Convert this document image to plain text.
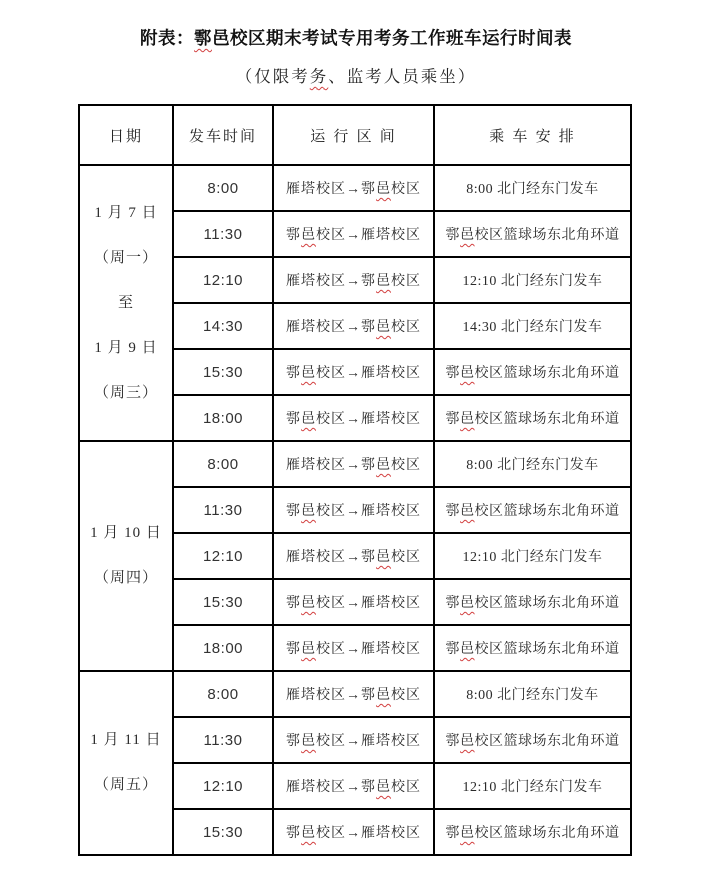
附表：鄠邑校区期末考试专用考务工作班车运行时间表
（仅限考务、监考人员乘坐）
日期	发车时间	运 行 区 间	乘 车 安 排

1 月 7 日
（周一）
至
1 月 9 日
（周三）	8:00	雁塔校区→鄠邑校区	8:00 北门经东门发车
	11:30	鄠邑校区→雁塔校区	鄠邑校区篮球场东北角环道
	12:10	雁塔校区→鄠邑校区	12:10 北门经东门发车
	14:30	雁塔校区→鄠邑校区	14:30 北门经东门发车
	15:30	鄠邑校区→雁塔校区	鄠邑校区篮球场东北角环道
	18:00	鄠邑校区→雁塔校区	鄠邑校区篮球场东北角环道

1 月 10 日
（周四）	8:00	雁塔校区→鄠邑校区	8:00 北门经东门发车
	11:30	鄠邑校区→雁塔校区	鄠邑校区篮球场东北角环道
	12:10	雁塔校区→鄠邑校区	12:10 北门经东门发车
	15:30	鄠邑校区→雁塔校区	鄠邑校区篮球场东北角环道
	18:00	鄠邑校区→雁塔校区	鄠邑校区篮球场东北角环道

1 月 11 日
（周五）	8:00	雁塔校区→鄠邑校区	8:00 北门经东门发车
	11:30	鄠邑校区→雁塔校区	鄠邑校区篮球场东北角环道
	12:10	雁塔校区→鄠邑校区	12:10 北门经东门发车
	15:30	鄠邑校区→雁塔校区	鄠邑校区篮球场东北角环道
